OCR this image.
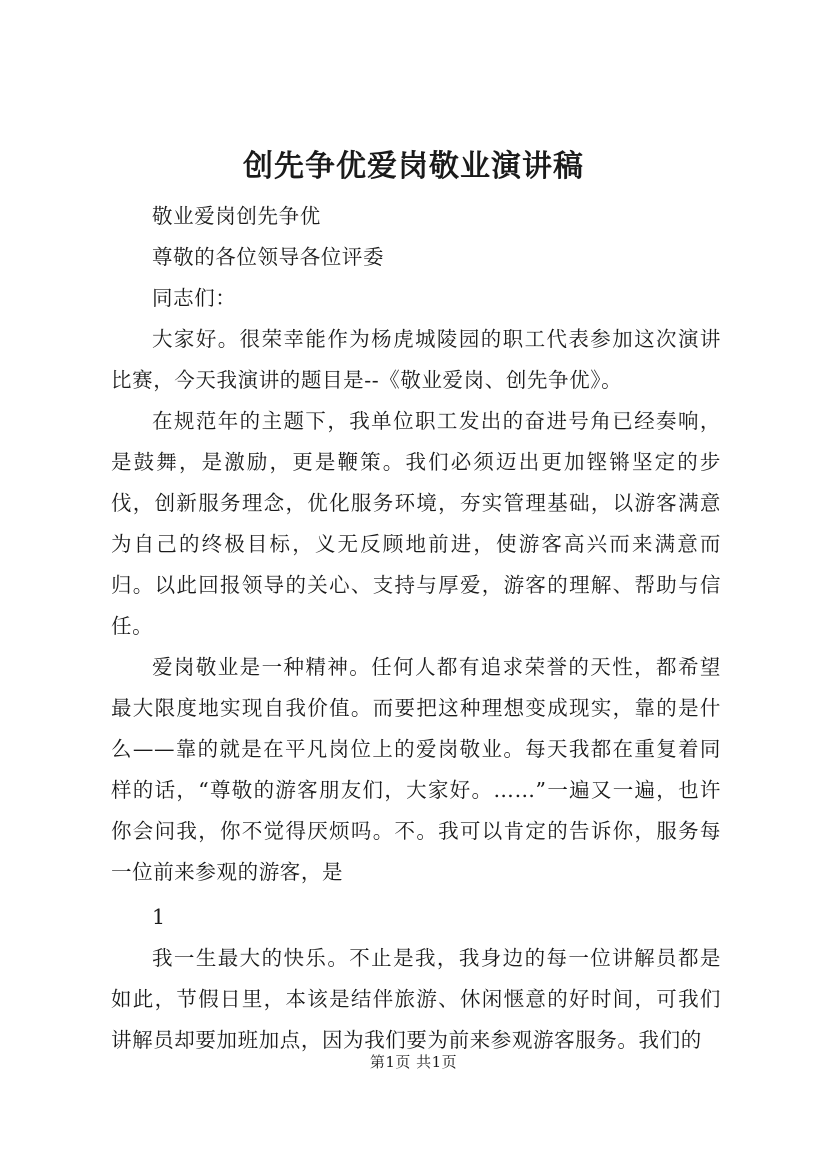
创先争优爱岗敬业演讲稿

敬业爱岗创先争优

尊敬的各位领导各位评委

同志们：

大家好。很荣幸能作为杨虎城陵园的职工代表参加这次演讲比赛，今天我演讲的题目是--《敬业爱岗、创先争优》。

在规范年的主题下，我单位职工发出的奋进号角已经奏响，是鼓舞，是激励，更是鞭策。我们必须迈出更加铿锵坚定的步伐，创新服务理念，优化服务环境，夯实管理基础，以游客满意为自己的终极目标，义无反顾地前进，使游客高兴而来满意而归。以此回报领导的关心、支持与厚爱，游客的理解、帮助与信任。

爱岗敬业是一种精神。任何人都有追求荣誉的天性，都希望最大限度地实现自我价值。而要把这种理想变成现实，靠的是什么——靠的就是在平凡岗位上的爱岗敬业。每天我都在重复着同样的话，“尊敬的游客朋友们，大家好。……”一遍又一遍，也许你会问我，你不觉得厌烦吗。不。我可以肯定的告诉你，服务每一位前来参观的游客，是

1

我一生最大的快乐。不止是我，我身边的每一位讲解员都是如此，节假日里，本该是结伴旅游、休闲惬意的好时间，可我们讲解员却要加班加点，因为我们要为前来参观游客服务。我们的

第1页 共1页
